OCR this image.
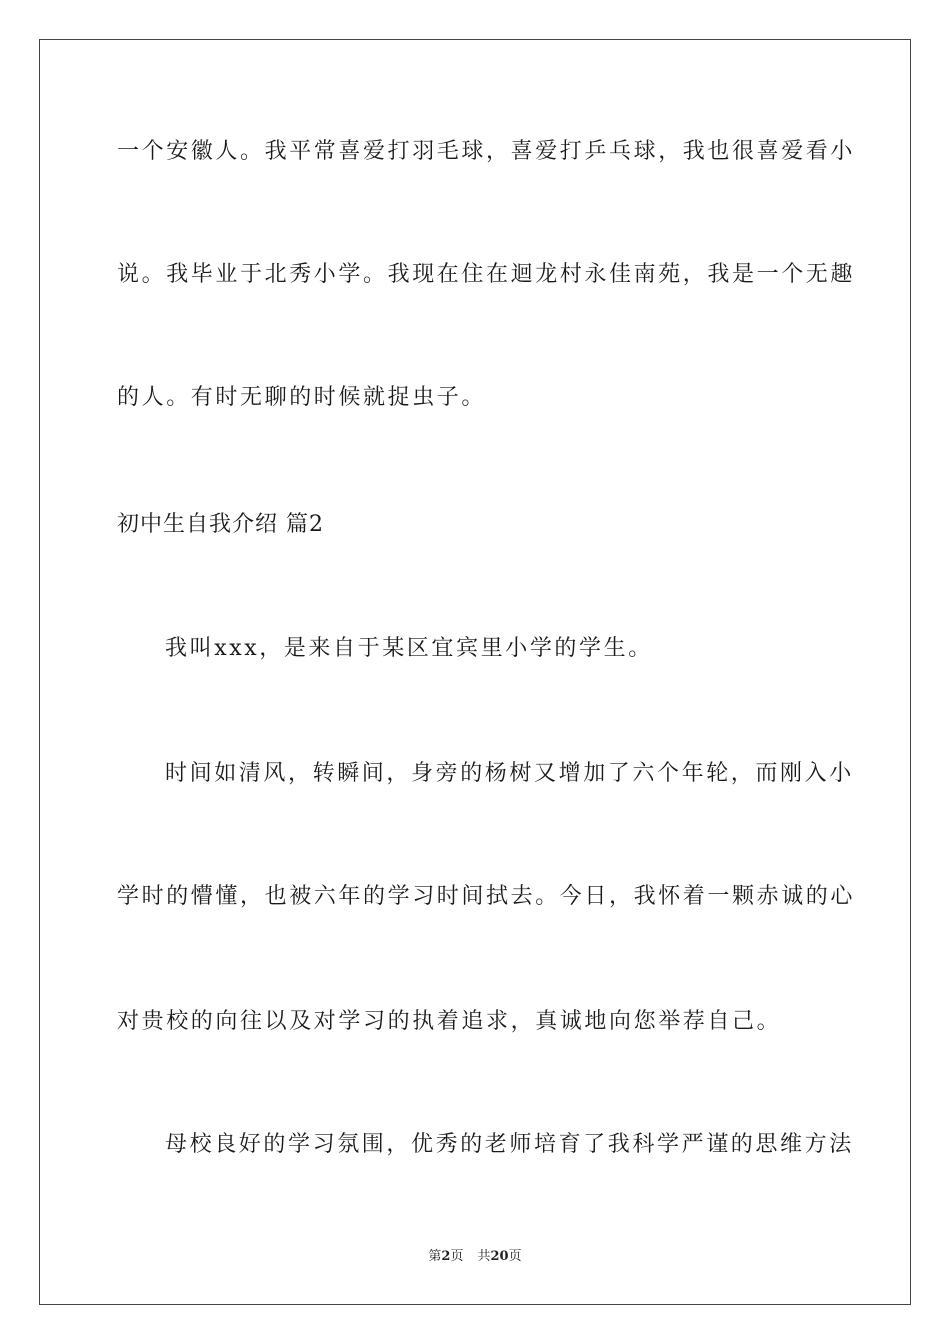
一个安徽人。我平常喜爱打羽毛球，喜爱打乒乓球，我也很喜爱看小
说。我毕业于北秀小学。我现在住在迴龙村永佳南苑，我是一个无趣
的人。有时无聊的时候就捉虫子。
初中生自我介绍 篇2
我叫xxx，是来自于某区宜宾里小学的学生。
时间如清风，转瞬间，身旁的杨树又增加了六个年轮，而刚入小
学时的懵懂，也被六年的学习时间拭去。今日，我怀着一颗赤诚的心
对贵校的向往以及对学习的执着追求，真诚地向您举荐自己。
母校良好的学习氛围，优秀的老师培育了我科学严谨的思维方法
第2页 共20页
